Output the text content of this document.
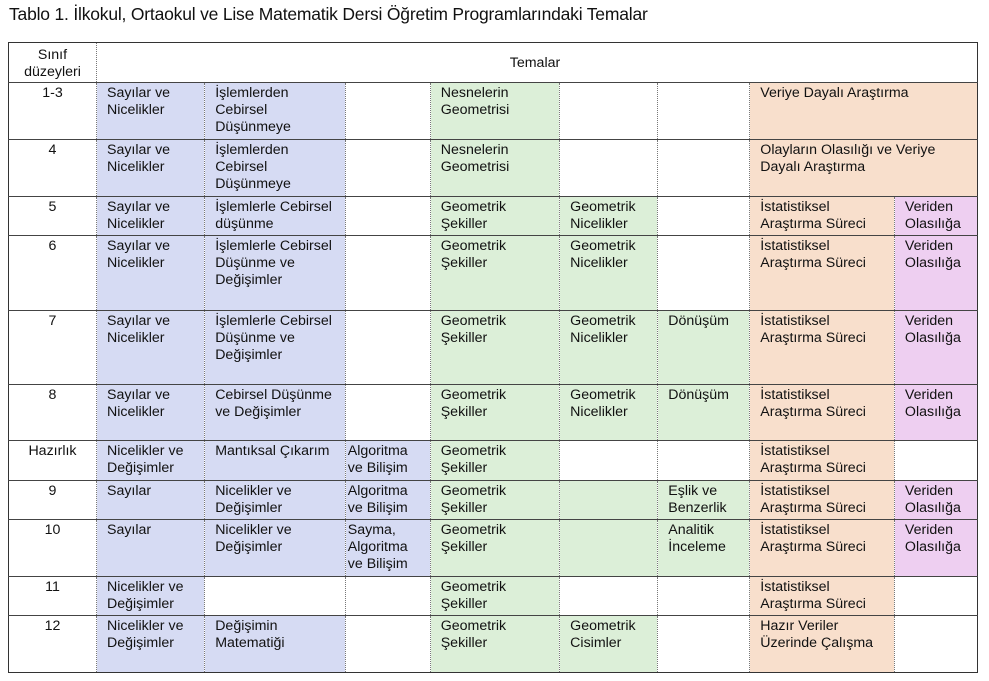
Tablo 1. İlkokul, Ortaokul ve Lise Matematik Dersi Öğretim Programlarındaki Temalar
Sınıf
düzeyleri	Temalar							
1-3	Sayılar ve Nicelikler	İşlemlerden Cebirsel Düşünmeye		Nesnelerin Geometrisi			Veriye Dayalı Araştırma	
4	Sayılar ve Nicelikler	İşlemlerden Cebirsel Düşünmeye		Nesnelerin Geometrisi			Olayların Olasılığı ve Veriye Dayalı Araştırma	
5	Sayılar ve Nicelikler	İşlemlerle Cebirsel düşünme		Geometrik Şekiller	Geometrik Nicelikler		İstatistiksel Araştırma Süreci	Veriden Olasılığa
6	Sayılar ve Nicelikler	İşlemlerle Cebirsel Düşünme ve Değişimler		Geometrik Şekiller	Geometrik Nicelikler		İstatistiksel Araştırma Süreci	Veriden Olasılığa
7	Sayılar ve Nicelikler	İşlemlerle Cebirsel Düşünme ve Değişimler		Geometrik Şekiller	Geometrik Nicelikler	Dönüşüm	İstatistiksel Araştırma Süreci	Veriden Olasılığa
8	Sayılar ve Nicelikler	Cebirsel Düşünme ve Değişimler		Geometrik Şekiller	Geometrik Nicelikler	Dönüşüm	İstatistiksel Araştırma Süreci	Veriden Olasılığa
Hazırlık	Nicelikler ve Değişimler	Mantıksal Çıkarım	Algoritma ve Bilişim	Geometrik Şekiller			İstatistiksel Araştırma Süreci	
9	Sayılar	Nicelikler ve Değişimler	Algoritma ve Bilişim	Geometrik Şekiller		Eşlik ve Benzerlik	İstatistiksel Araştırma Süreci	Veriden Olasılığa
10	Sayılar	Nicelikler ve Değişimler	Sayma, Algoritma ve Bilişim	Geometrik Şekiller		Analitik İnceleme	İstatistiksel Araştırma Süreci	Veriden Olasılığa
11	Nicelikler ve Değişimler			Geometrik Şekiller			İstatistiksel Araştırma Süreci	
12	Nicelikler ve Değişimler	Değişimin Matematiği		Geometrik Şekiller	Geometrik Cisimler		Hazır Veriler Üzerinde Çalışma	
